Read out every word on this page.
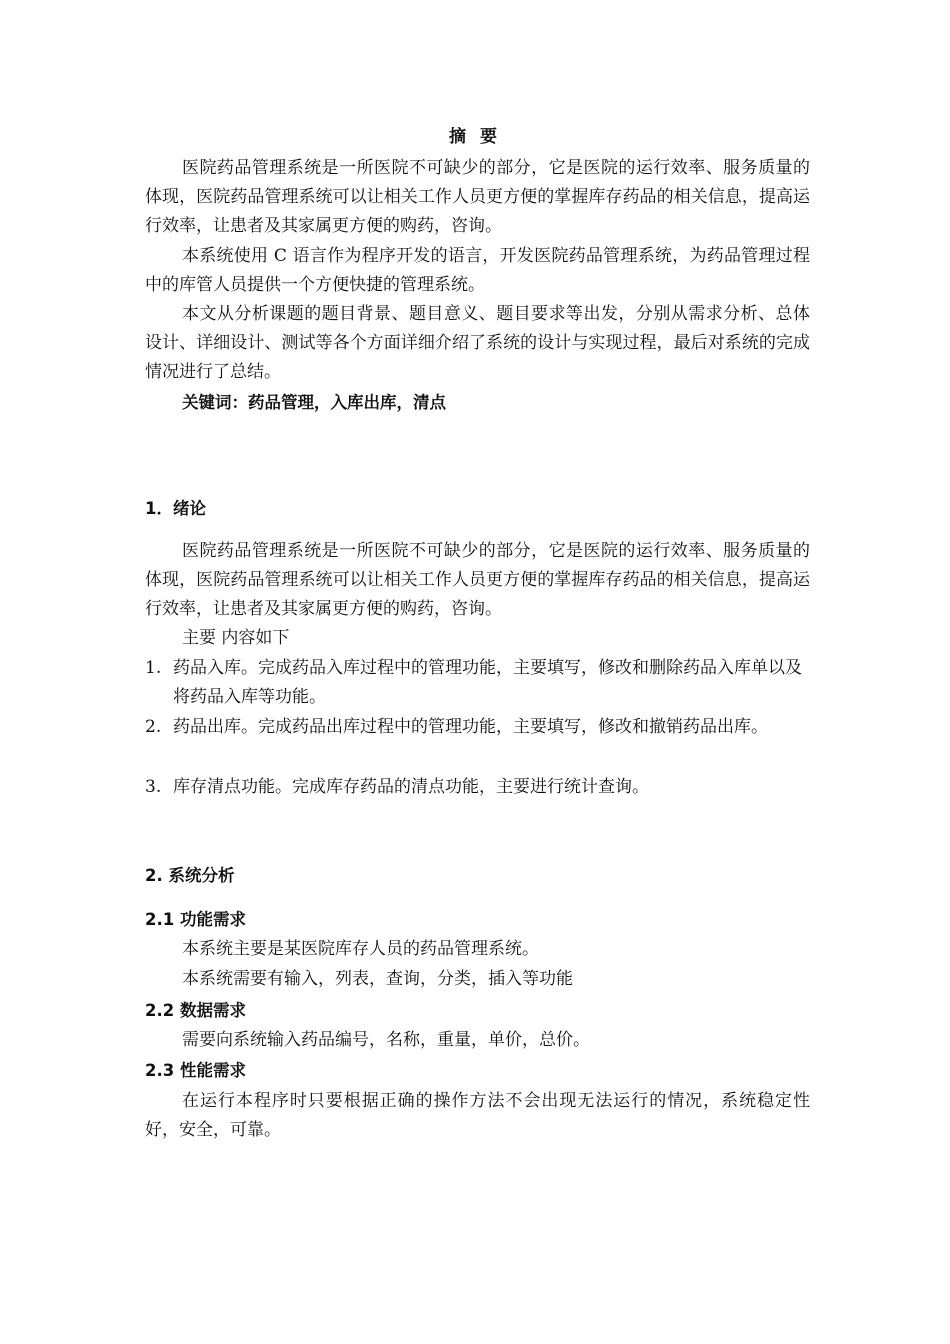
摘 要
医院药品管理系统是一所医院不可缺少的部分，它是医院的运行效率、服务质量的体现，医院药品管理系统可以让相关工作人员更方便的掌握库存药品的相关信息，提高运行效率，让患者及其家属更方便的购药，咨询。
本系统使用 C 语言作为程序开发的语言，开发医院药品管理系统，为药品管理过程中的库管人员提供一个方便快捷的管理系统。
本文从分析课题的题目背景、题目意义、题目要求等出发，分别从需求分析、总体设计、详细设计、测试等各个方面详细介绍了系统的设计与实现过程，最后对系统的完成情况进行了总结。
关键词：药品管理，入库出库，清点
1．绪论
医院药品管理系统是一所医院不可缺少的部分，它是医院的运行效率、服务质量的体现，医院药品管理系统可以让相关工作人员更方便的掌握库存药品的相关信息，提高运行效率，让患者及其家属更方便的购药，咨询。
主要 内容如下
1. 药品入库。完成药品入库过程中的管理功能，主要填写，修改和删除药品入库单以及将药品入库等功能。
2. 药品出库。完成药品出库过程中的管理功能，主要填写，修改和撤销药品出库。
3. 库存清点功能。完成库存药品的清点功能，主要进行统计查询。
2. 系统分析
2.1 功能需求
本系统主要是某医院库存人员的药品管理系统。
本系统需要有输入，列表，查询，分类，插入等功能
2.2 数据需求
需要向系统输入药品编号，名称，重量，单价，总价。
2.3 性能需求
在运行本程序时只要根据正确的操作方法不会出现无法运行的情况，系统稳定性好，安全，可靠。
